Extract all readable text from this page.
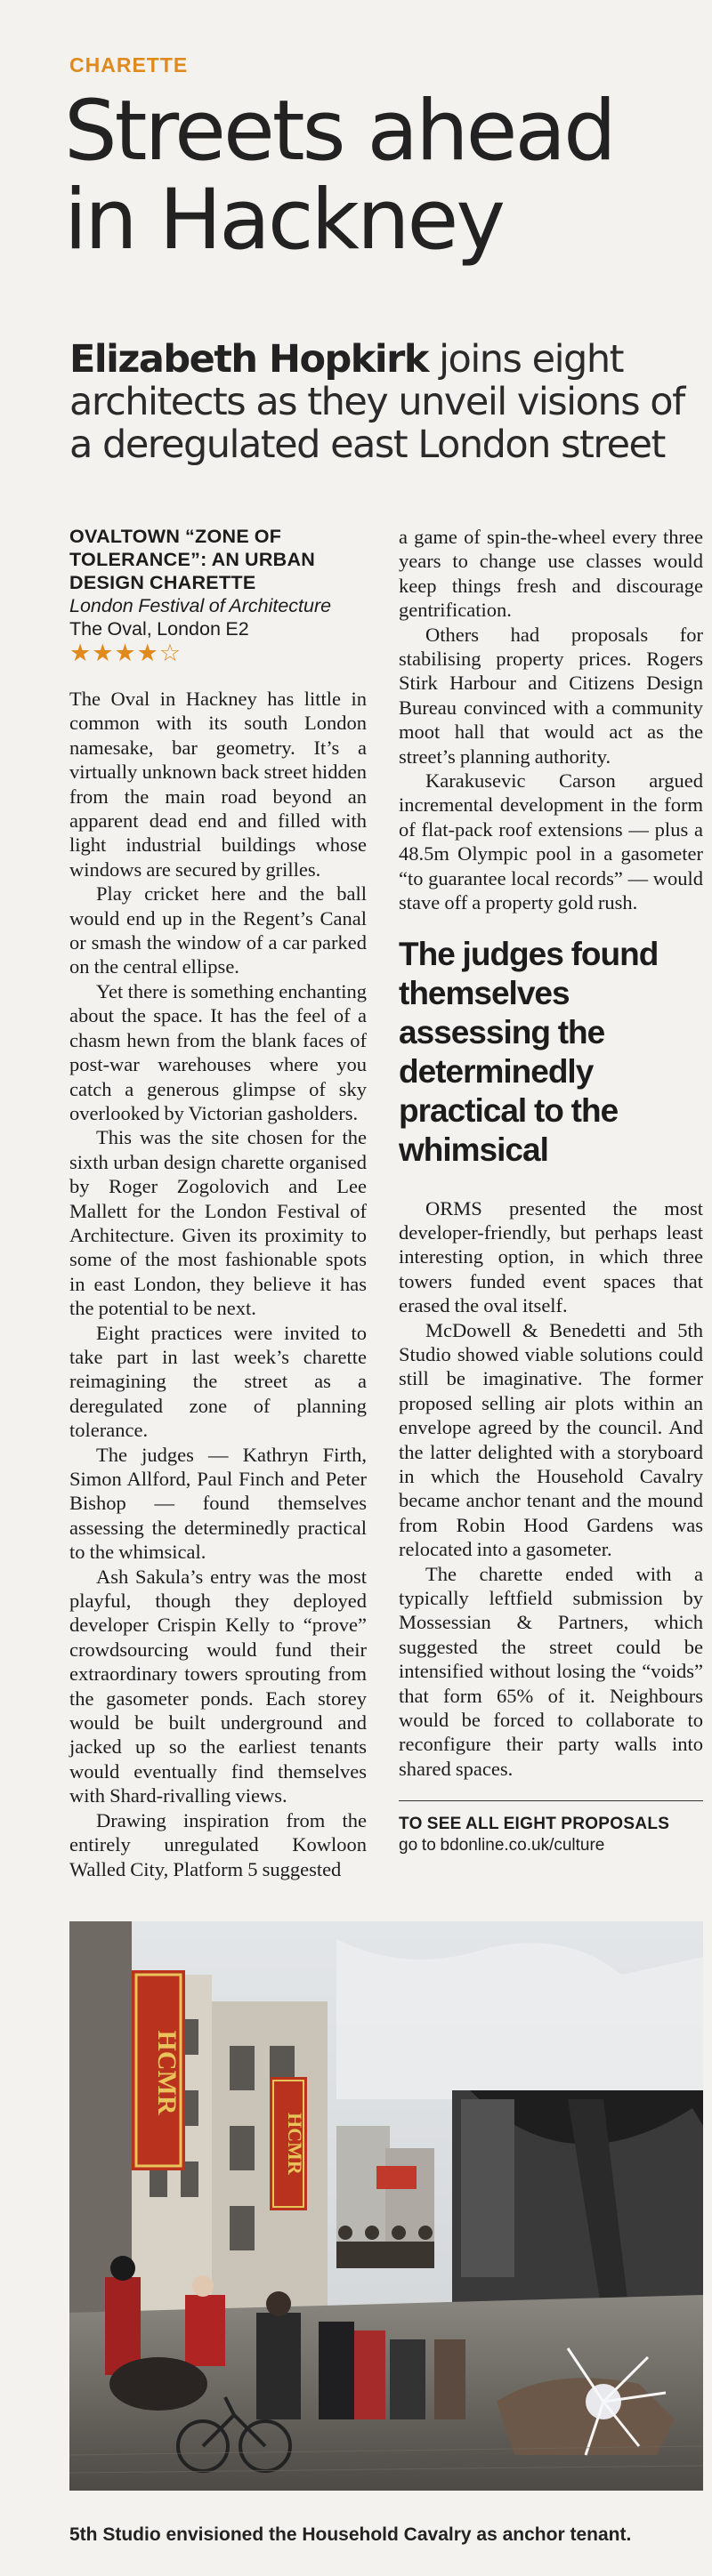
CHARETTE
Streets ahead in Hackney

Elizabeth Hopkirk joins eight architects as they unveil visions of a deregulated east London street

OVALTOWN “ZONE OF TOLERANCE”: AN URBAN DESIGN CHARETTE
London Festival of Architecture
The Oval, London E2
★★★★☆

The Oval in Hackney has little in common with its south London namesake, bar geometry. It’s a virtually unknown back street hidden from the main road beyond an apparent dead end and filled with light industrial buildings whose windows are secured by grilles.

Play cricket here and the ball would end up in the Regent’s Canal or smash the window of a car parked on the central ellipse.

Yet there is something enchanting about the space. It has the feel of a chasm hewn from the blank faces of post-war warehouses where you catch a generous glimpse of sky overlooked by Victorian gasholders.

This was the site chosen for the sixth urban design charette organised by Roger Zogolovich and Lee Mallett for the London Festival of Architecture. Given its proximity to some of the most fashionable spots in east London, they believe it has the potential to be next.

Eight practices were invited to take part in last week’s charette reimagining the street as a deregulated zone of planning tolerance.

The judges — Kathryn Firth, Simon Allford, Paul Finch and Peter Bishop — found themselves assessing the determinedly practical to the whimsical.

Ash Sakula’s entry was the most playful, though they deployed developer Crispin Kelly to “prove” crowdsourcing would fund their extraordinary towers sprouting from the gasometer ponds. Each storey would be built underground and jacked up so the earliest tenants would eventually find themselves with Shard-rivalling views.

Drawing inspiration from the entirely unregulated Kowloon Walled City, Platform 5 suggested

a game of spin-the-wheel every three years to change use classes would keep things fresh and discourage gentrification.

Others had proposals for stabilising property prices. Rogers Stirk Harbour and Citizens Design Bureau convinced with a community moot hall that would act as the street’s planning authority.

Karakusevic Carson argued incremental development in the form of flat-pack roof extensions — plus a 48.5m Olympic pool in a gasometer “to guarantee local records” — would stave off a property gold rush.

The judges found themselves assessing the determinedly practical to the whimsical

ORMS presented the most developer-friendly, but perhaps least interesting option, in which three towers funded event spaces that erased the oval itself.

McDowell & Benedetti and 5th Studio showed viable solutions could still be imaginative. The former proposed selling air plots within an envelope agreed by the council. And the latter delighted with a storyboard in which the Household Cavalry became anchor tenant and the mound from Robin Hood Gardens was relocated into a gasometer.

The charette ended with a typically leftfield submission by Mossessian & Partners, which suggested the street could be intensified without losing the “voids” that form 65% of it. Neighbours would be forced to collaborate to reconfigure their party walls into shared spaces.

TO SEE ALL EIGHT PROPOSALS
go to bdonline.co.uk/culture
HCMR
HCMR
5th Studio envisioned the Household Cavalry as anchor tenant.
